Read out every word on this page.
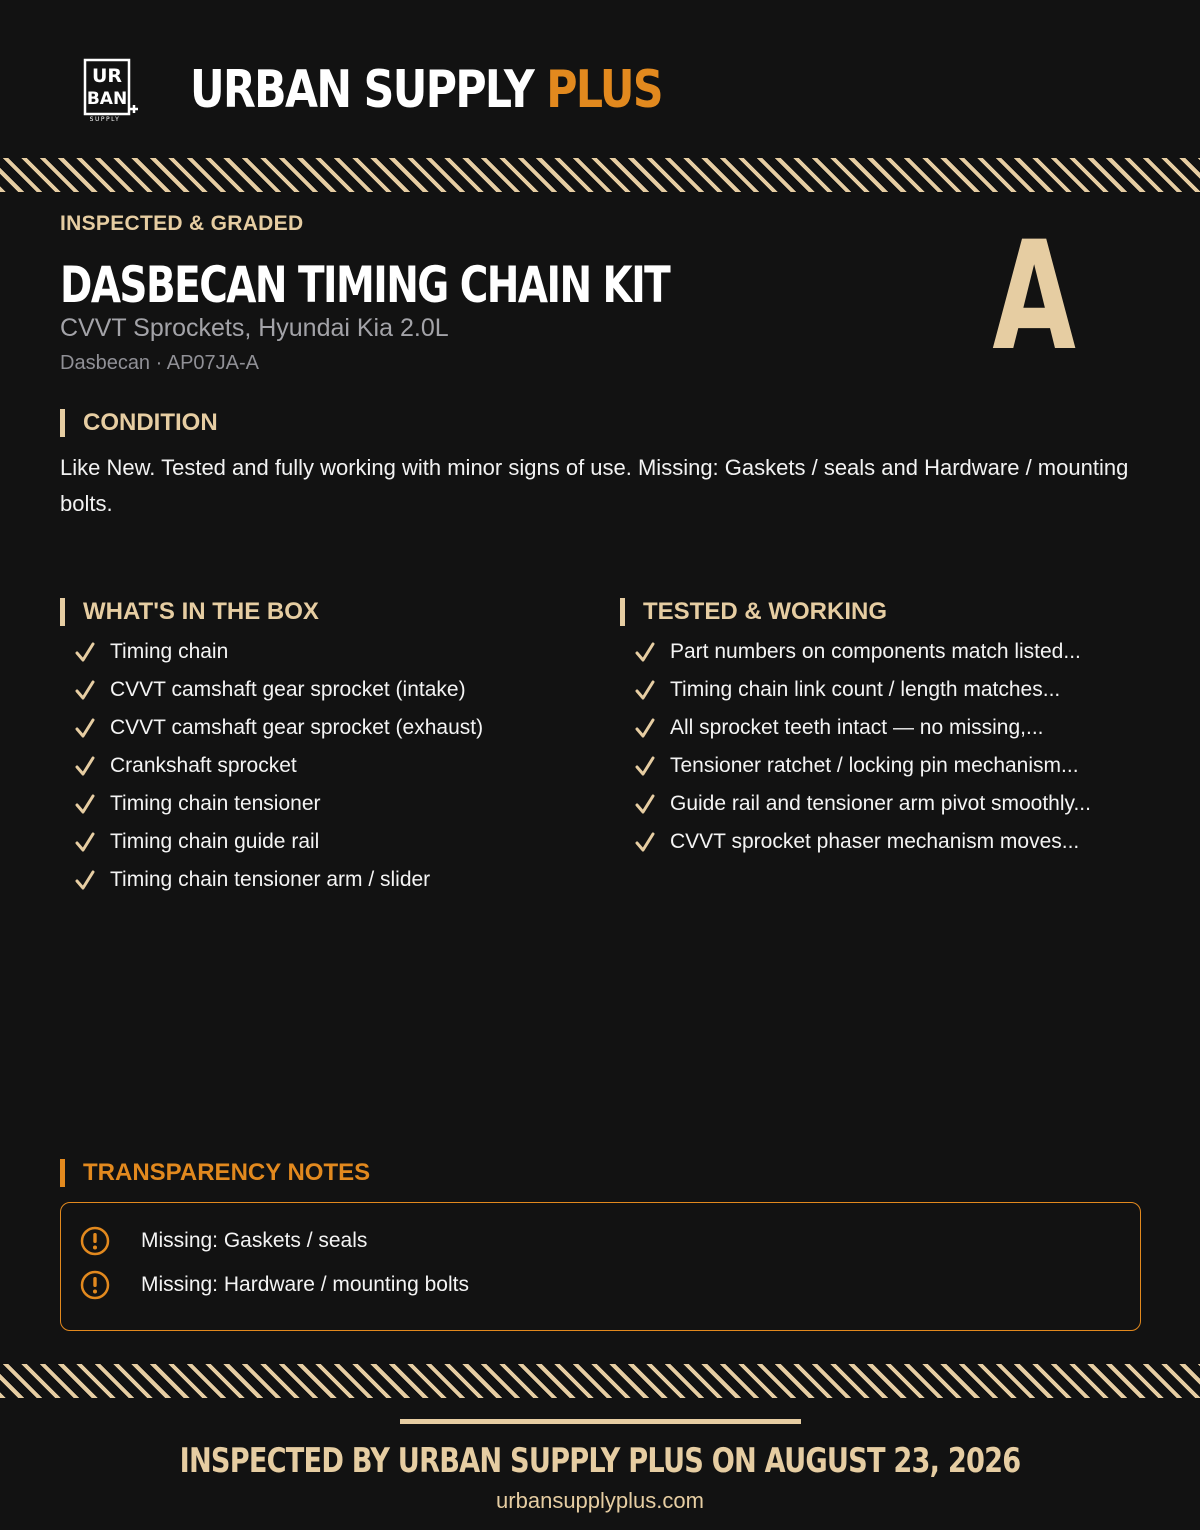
UR
BAN
SUPPLY URBAN SUPPLY PLUS
INSPECTED & GRADED
DASBECAN TIMING CHAIN KIT
CVVT Sprockets, Hyundai Kia 2.0L
Dasbecan · AP07JA-A	A
CONDITION
Like New. Tested and fully working with minor signs of use. Missing: Gaskets / seals and Hardware / mounting bolts.
WHAT'S IN THE BOX
Timing chain
CVVT camshaft gear sprocket (intake)
CVVT camshaft gear sprocket (exhaust)
Crankshaft sprocket
Timing chain tensioner
Timing chain guide rail
Timing chain tensioner arm / slider
TESTED & WORKING
Part numbers on components match listed...
Timing chain link count / length matches...
All sprocket teeth intact — no missing,...
Tensioner ratchet / locking pin mechanism...
Guide rail and tensioner arm pivot smoothly...
CVVT sprocket phaser mechanism moves...
TRANSPARENCY NOTES
Missing: Gaskets / seals
Missing: Hardware / mounting bolts
INSPECTED BY URBAN SUPPLY PLUS ON AUGUST 23, 2026
urbansupplyplus.com
